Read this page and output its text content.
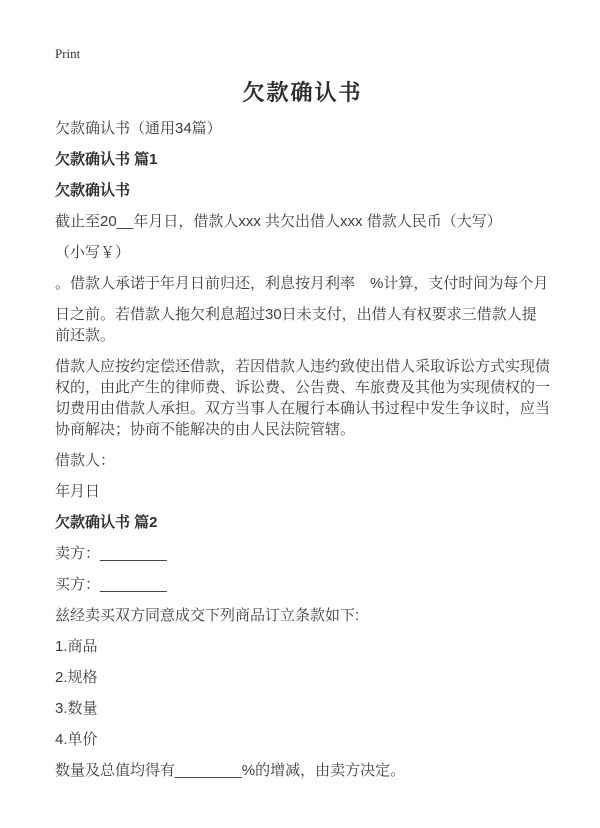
Print
欠款确认书

欠款确认书（通用34篇）

欠款确认书 篇1

欠款确认书

截止至20__年月日，借款人xxx 共欠出借人xxx 借款人民币（大写）

（小写￥）

。借款人承诺于年月日前归还，利息按月利率　%计算，支付时间为每个月

日之前。若借款人拖欠利息超过30日未支付，出借人有权要求三借款人提前还款。

借款人应按约定偿还借款，若因借款人违约致使出借人采取诉讼方式实现债权的，由此产生的律师费、诉讼费、公告费、车旅费及其他为实现债权的一切费用由借款人承担。双方当事人在履行本确认书过程中发生争议时，应当协商解决；协商不能解决的由人民法院管辖。

借款人：

年月日

欠款确认书 篇2

卖方：________

买方：________

兹经卖买双方同意成交下列商品订立条款如下:

1.商品

2.规格

3.数量

4.单价

数量及总值均得有________%的增减，由卖方决定。
